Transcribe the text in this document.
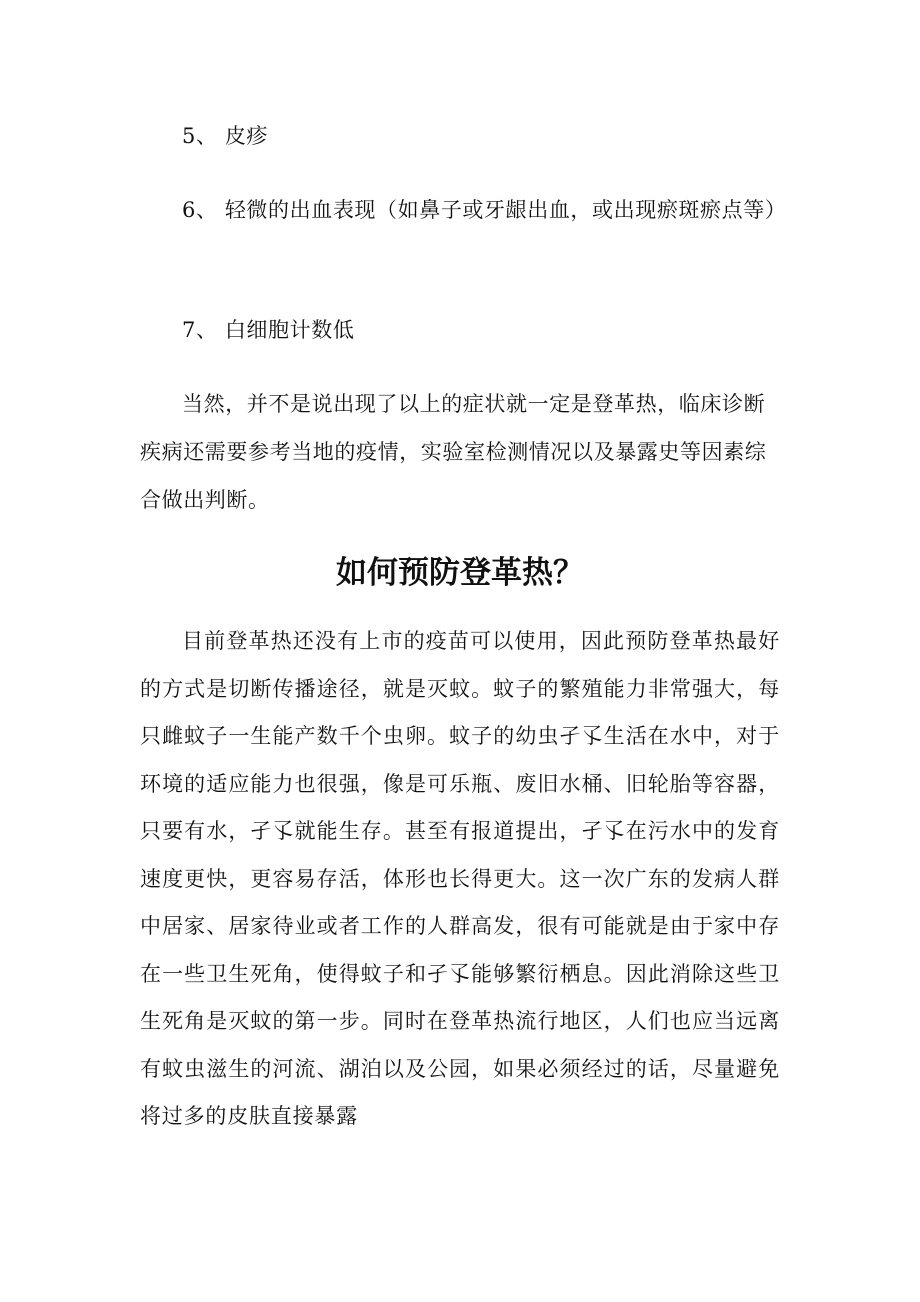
5、 皮疹

6、 轻微的出血表现（如鼻子或牙龈出血，或出现瘀斑瘀点等）

7、 白细胞计数低

当然，并不是说出现了以上的症状就一定是登革热，临床诊断疾病还需要参考当地的疫情，实验室检测情况以及暴露史等因素综合做出判断。

如何预防登革热？

目前登革热还没有上市的疫苗可以使用，因此预防登革热最好的方式是切断传播途径，就是灭蚊。蚊子的繁殖能力非常强大，每只雌蚊子一生能产数千个虫卵。蚊子的幼虫孑孓生活在水中，对于环境的适应能力也很强，像是可乐瓶、废旧水桶、旧轮胎等容器，只要有水，孑孓就能生存。甚至有报道提出，孑孓在污水中的发育速度更快，更容易存活，体形也长得更大。这一次广东的发病人群中居家、居家待业或者工作的人群高发，很有可能就是由于家中存在一些卫生死角，使得蚊子和孑孓能够繁衍栖息。因此消除这些卫生死角是灭蚊的第一步。同时在登革热流行地区，人们也应当远离有蚊虫滋生的河流、湖泊以及公园，如果必须经过的话，尽量避免将过多的皮肤直接暴露
